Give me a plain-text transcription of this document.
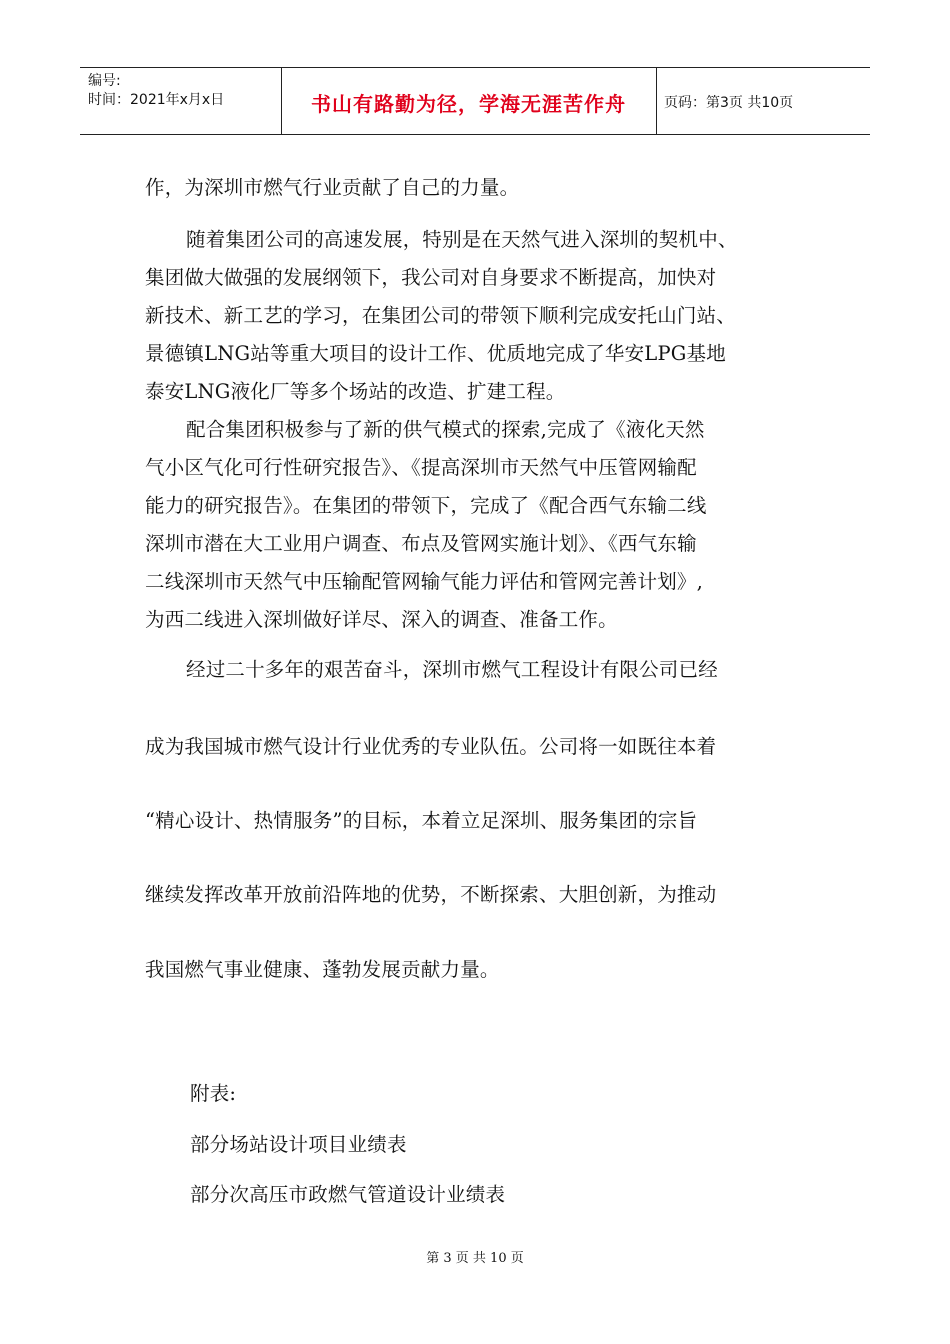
编号:
时间：2021年x月x日	书山有路勤为径，学海无涯苦作舟	页码：第3页 共10页
作，为深圳市燃气行业贡献了自己的力量。
随着集团公司的高速发展，特别是在天然气进入深圳的契机中、
集团做大做强的发展纲领下，我公司对自身要求不断提高，加快对
新技术、新工艺的学习，在集团公司的带领下顺利完成安托山门站、
景德镇LNG站等重大项目的设计工作、优质地完成了华安LPG基地
泰安LNG液化厂等多个场站的改造、扩建工程。
配合集团积极参与了新的供气模式的探索,完成了《液化天然
气小区气化可行性研究报告》、《提高深圳市天然气中压管网输配
能力的研究报告》。在集团的带领下，完成了《配合西气东输二线
深圳市潜在大工业用户调查、布点及管网实施计划》、《西气东输
二线深圳市天然气中压输配管网输气能力评估和管网完善计划》,
为西二线进入深圳做好详尽、深入的调查、准备工作。
经过二十多年的艰苦奋斗，深圳市燃气工程设计有限公司已经
成为我国城市燃气设计行业优秀的专业队伍。公司将一如既往本着
“精心设计、热情服务”的目标，本着立足深圳、服务集团的宗旨
继续发挥改革开放前沿阵地的优势，不断探索、大胆创新，为推动
我国燃气事业健康、蓬勃发展贡献力量。
附表:
部分场站设计项目业绩表
部分次高压市政燃气管道设计业绩表
第 3 页 共 10 页
